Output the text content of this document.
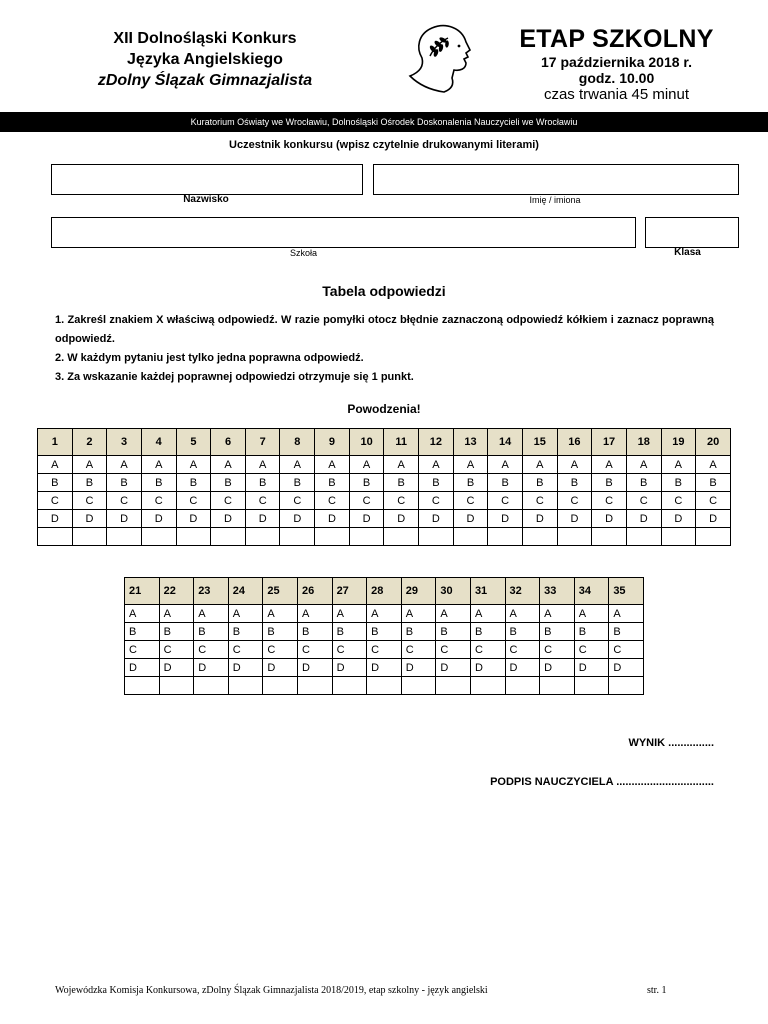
XII Dolnośląski Konkurs
Języka Angielskiego
zDolny Ślązak Gimnazjalista
ETAP SZKOLNY
17 października 2018 r.
godz. 10.00
czas trwania 45 minut
Kuratorium Oświaty we Wrocławiu, Dolnośląski Ośrodek Doskonalenia Nauczycieli we Wrocławiu
Uczestnik konkursu (wpisz czytelnie drukowanymi literami)
Nazwisko	Imię / imiona
Szkoła	Klasa
Tabela odpowiedzi

1. Zakreśl znakiem X właściwą odpowiedź. W razie pomyłki otocz błędnie zaznaczoną odpowiedź kółkiem i zaznacz poprawną odpowiedź.

2. W każdym pytaniu jest tylko jedna poprawna odpowiedź.

3. Za wskazanie każdej poprawnej odpowiedzi otrzymuje się 1 punkt.

Powodzenia!
1	2	3	4	5	6	7	8	9	10	11	12	13	14	15	16	17	18	19	20
A	A	A	A	A	A	A	A	A	A	A	A	A	A	A	A	A	A	A	A
B	B	B	B	B	B	B	B	B	B	B	B	B	B	B	B	B	B	B	B
C	C	C	C	C	C	C	C	C	C	C	C	C	C	C	C	C	C	C	C
D	D	D	D	D	D	D	D	D	D	D	D	D	D	D	D	D	D	D	D

21	22	23	24	25	26	27	28	29	30	31	32	33	34	35
A	A	A	A	A	A	A	A	A	A	A	A	A	A	A
B	B	B	B	B	B	B	B	B	B	B	B	B	B	B
C	C	C	C	C	C	C	C	C	C	C	C	C	C	C
D	D	D	D	D	D	D	D	D	D	D	D	D	D	D

WYNIK ...............
PODPIS NAUCZYCIELA ................................
Wojewódzka Komisja Konkursowa, zDolny Ślązak Gimnazjalista 2018/2019, etap szkolny - język angielski	str. 1
